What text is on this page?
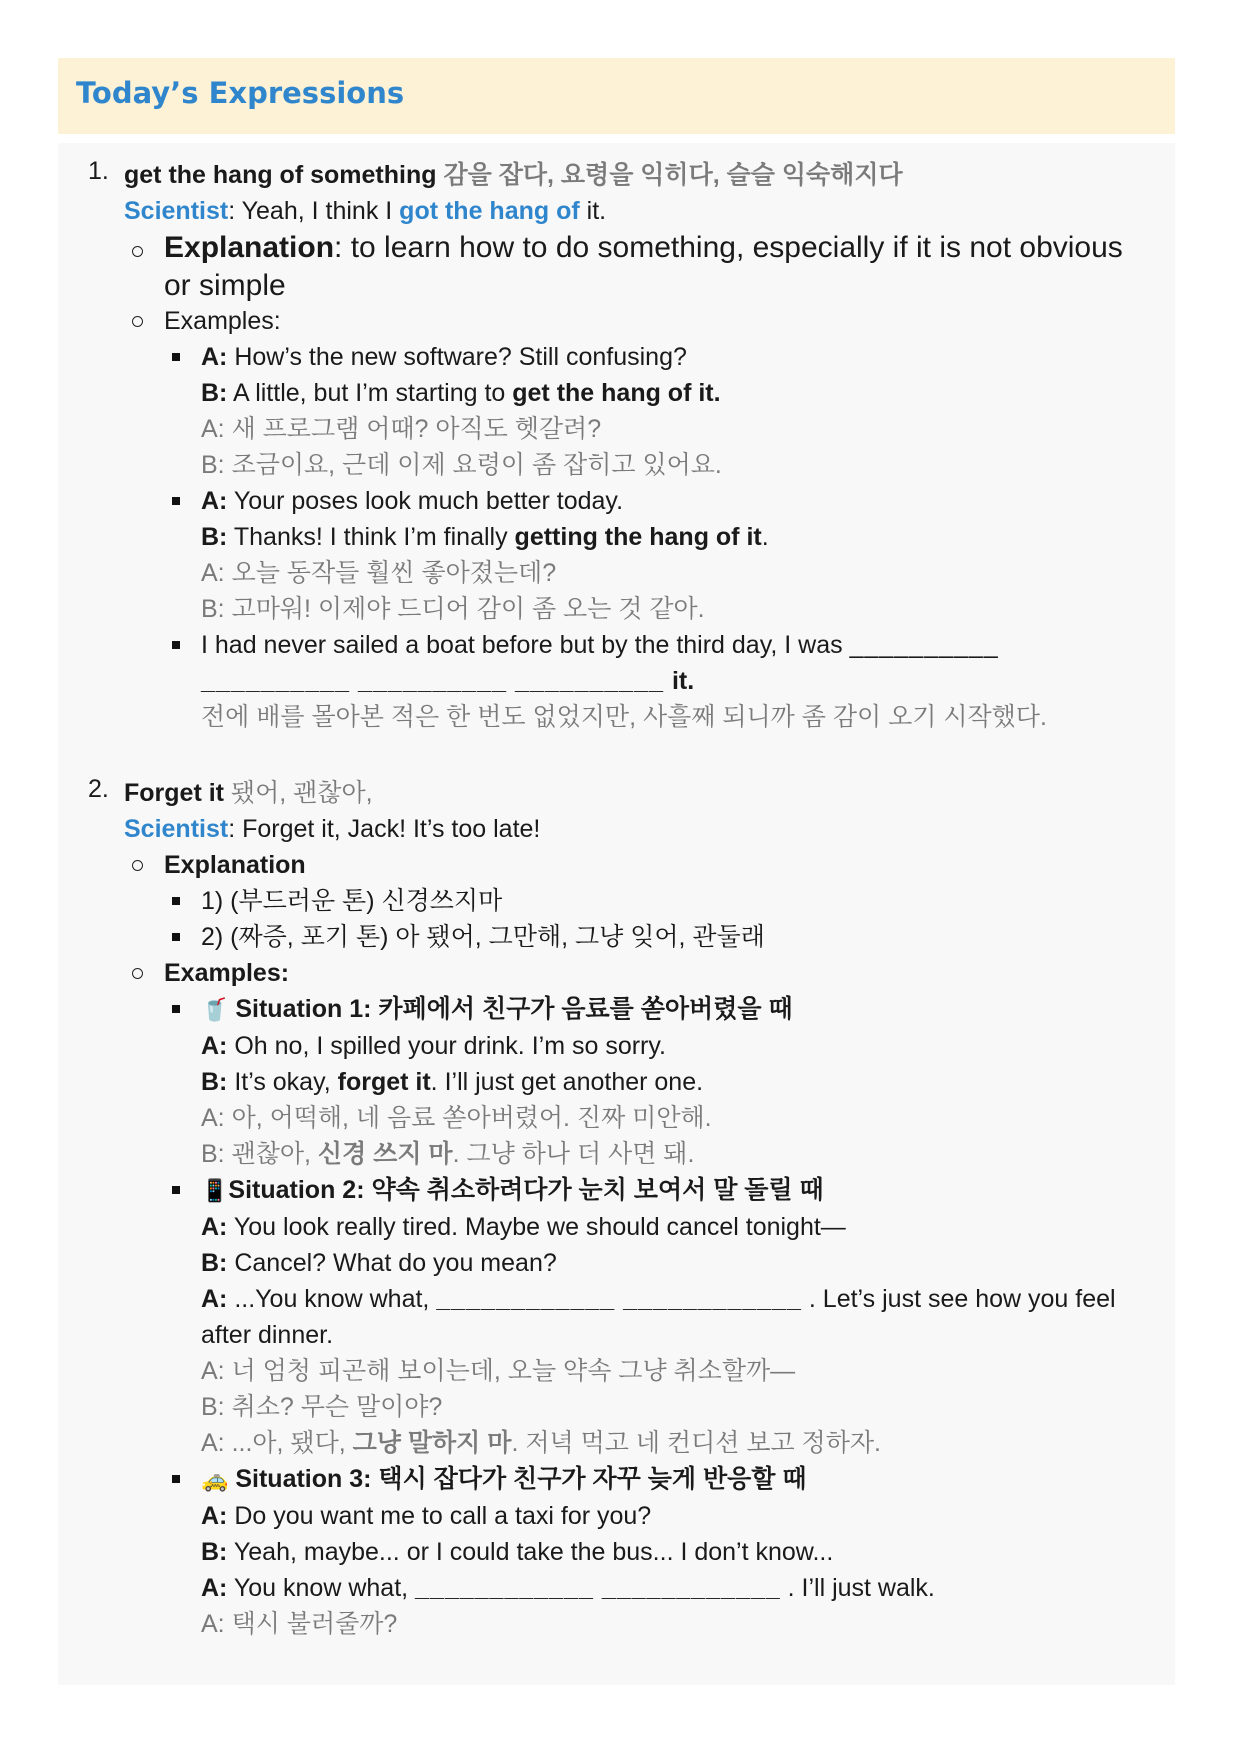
Today’s Expressions
1. get the hang of something 감을 잡다, 요령을 익히다, 슬슬 익숙해지다

Scientist: Yeah, I think I got the hang of it.

Explanation: to learn how to do something, especially if it is not obvious or simple

Examples:

A: How’s the new software? Still confusing?

B: A little, but I’m starting to get the hang of it.

A: 새 프로그램 어때? 아직도 헷갈려?

B: 조금이요, 근데 이제 요령이 좀 잡히고 있어요.

A: Your poses look much better today.

B: Thanks! I think I’m finally getting the hang of it.

A: 오늘 동작들 훨씬 좋아졌는데?

B: 고마워! 이제야 드디어 감이 좀 오는 것 같아.

I had never sailed a boat before but by the third day, I was __________
__________ __________ __________ it.

전에 배를 몰아본 적은 한 번도 없었지만, 사흘째 되니까 좀 감이 오기 시작했다.

2. Forget it 됐어, 괜찮아,

Scientist: Forget it, Jack! It’s too late!

Explanation

1) (부드러운 톤) 신경쓰지마

2) (짜증, 포기 톤) 아 됐어, 그만해, 그냥 잊어, 관둘래

Examples:

🥤 Situation 1: 카페에서 친구가 음료를 쏟아버렸을 때

A: Oh no, I spilled your drink. I’m so sorry.

B: It’s okay, forget it. I’ll just get another one.

A: 아, 어떡해, 네 음료 쏟아버렸어. 진짜 미안해.

B: 괜찮아, 신경 쓰지 마. 그냥 하나 더 사면 돼.

📱Situation 2: 약속 취소하려다가 눈치 보여서 말 돌릴 때

A: You look really tired. Maybe we should cancel tonight—

B: Cancel? What do you mean?

A: ...You know what, ____________ ____________ . Let’s just see how you feel after dinner.

A: 너 엄청 피곤해 보이는데, 오늘 약속 그냥 취소할까—

B: 취소? 무슨 말이야?

A: ...아, 됐다, 그냥 말하지 마. 저녁 먹고 네 컨디션 보고 정하자.

🚕 Situation 3: 택시 잡다가 친구가 자꾸 늦게 반응할 때

A: Do you want me to call a taxi for you?

B: Yeah, maybe... or I could take the bus... I don’t know...

A: You know what, ____________ ____________ . I’ll just walk.

A: 택시 불러줄까?
